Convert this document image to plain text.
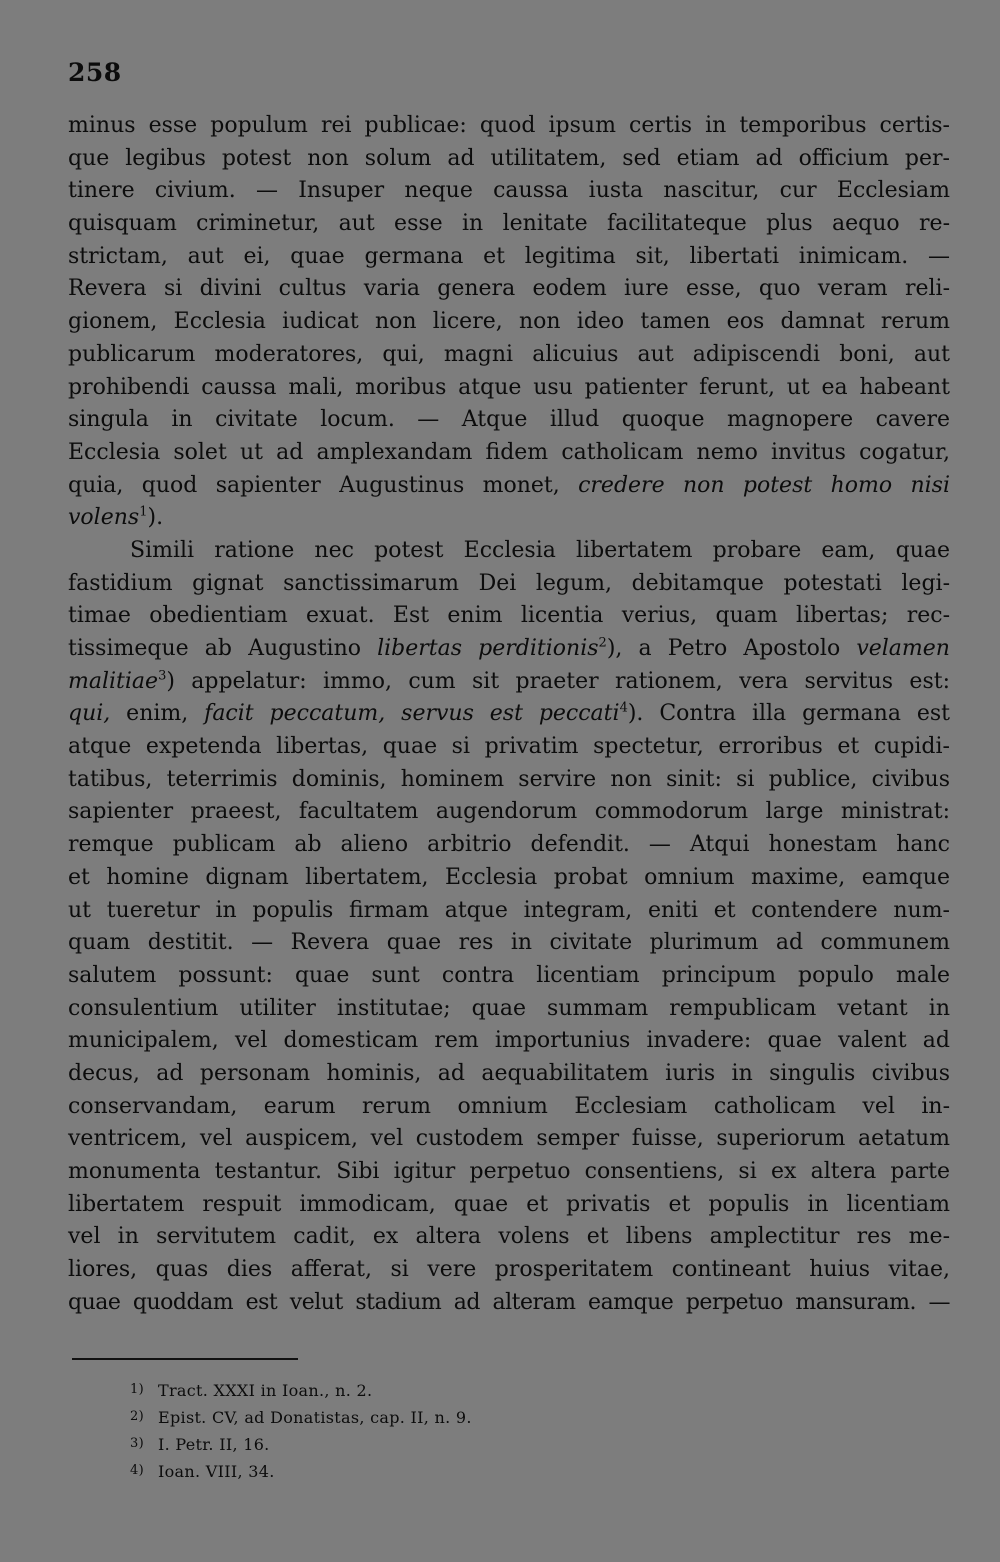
258
minus esse populum rei publicae: quod ipsum certis in temporibus certis-
que legibus potest non solum ad utilitatem, sed etiam ad officium per-
tinere civium. — Insuper neque caussa iusta nascitur, cur Ecclesiam
quisquam criminetur, aut esse in lenitate facilitateque plus aequo re-
strictam, aut ei, quae germana et legitima sit, libertati inimicam. —
Revera si divini cultus varia genera eodem iure esse, quo veram reli-
gionem, Ecclesia iudicat non licere, non ideo tamen eos damnat rerum
publicarum moderatores, qui, magni alicuius aut adipiscendi boni, aut
prohibendi caussa mali, moribus atque usu patienter ferunt, ut ea habeant
singula in civitate locum. — Atque illud quoque magnopere cavere
Ecclesia solet ut ad amplexandam fidem catholicam nemo invitus cogatur,
quia, quod sapienter Augustinus monet, credere non potest homo nisi
volens$^1$).
Simili ratione nec potest Ecclesia libertatem probare eam, quae
fastidium gignat sanctissimarum Dei legum, debitamque potestati legi-
timae obedientiam exuat. Est enim licentia verius, quam libertas; rec-
tissimeque ab Augustino libertas perditionis$^2$), a Petro Apostolo velamen
malitiae$^3$) appelatur: immo, cum sit praeter rationem, vera servitus est:
qui, enim, facit peccatum, servus est peccati$^4$). Contra illa germana est
atque expetenda libertas, quae si privatim spectetur, erroribus et cupidi-
tatibus, teterrimis dominis, hominem servire non sinit: si publice, civibus
sapienter praeest, facultatem augendorum commodorum large ministrat:
remque publicam ab alieno arbitrio defendit. — Atqui honestam hanc
et homine dignam libertatem, Ecclesia probat omnium maxime, eamque
ut tueretur in populis firmam atque integram, eniti et contendere num-
quam destitit. — Revera quae res in civitate plurimum ad communem
salutem possunt: quae sunt contra licentiam principum populo male
consulentium utiliter institutae; quae summam rempublicam vetant in
municipalem, vel domesticam rem importunius invadere: quae valent ad
decus, ad personam hominis, ad aequabilitatem iuris in singulis civibus
conservandam, earum rerum omnium Ecclesiam catholicam vel in-
ventricem, vel auspicem, vel custodem semper fuisse, superiorum aetatum
monumenta testantur. Sibi igitur perpetuo consentiens, si ex altera parte
libertatem respuit immodicam, quae et privatis et populis in licentiam
vel in servitutem cadit, ex altera volens et libens amplectitur res me-
liores, quas dies afferat, si vere prosperitatem contineant huius vitae,
quae quoddam est velut stadium ad alteram eamque perpetuo mansuram. —
1) Tract. XXXI in Ioan., n. 2.
2) Epist. CV, ad Donatistas, cap. II, n. 9.
3) I. Petr. II, 16.
4) Ioan. VIII, 34.
